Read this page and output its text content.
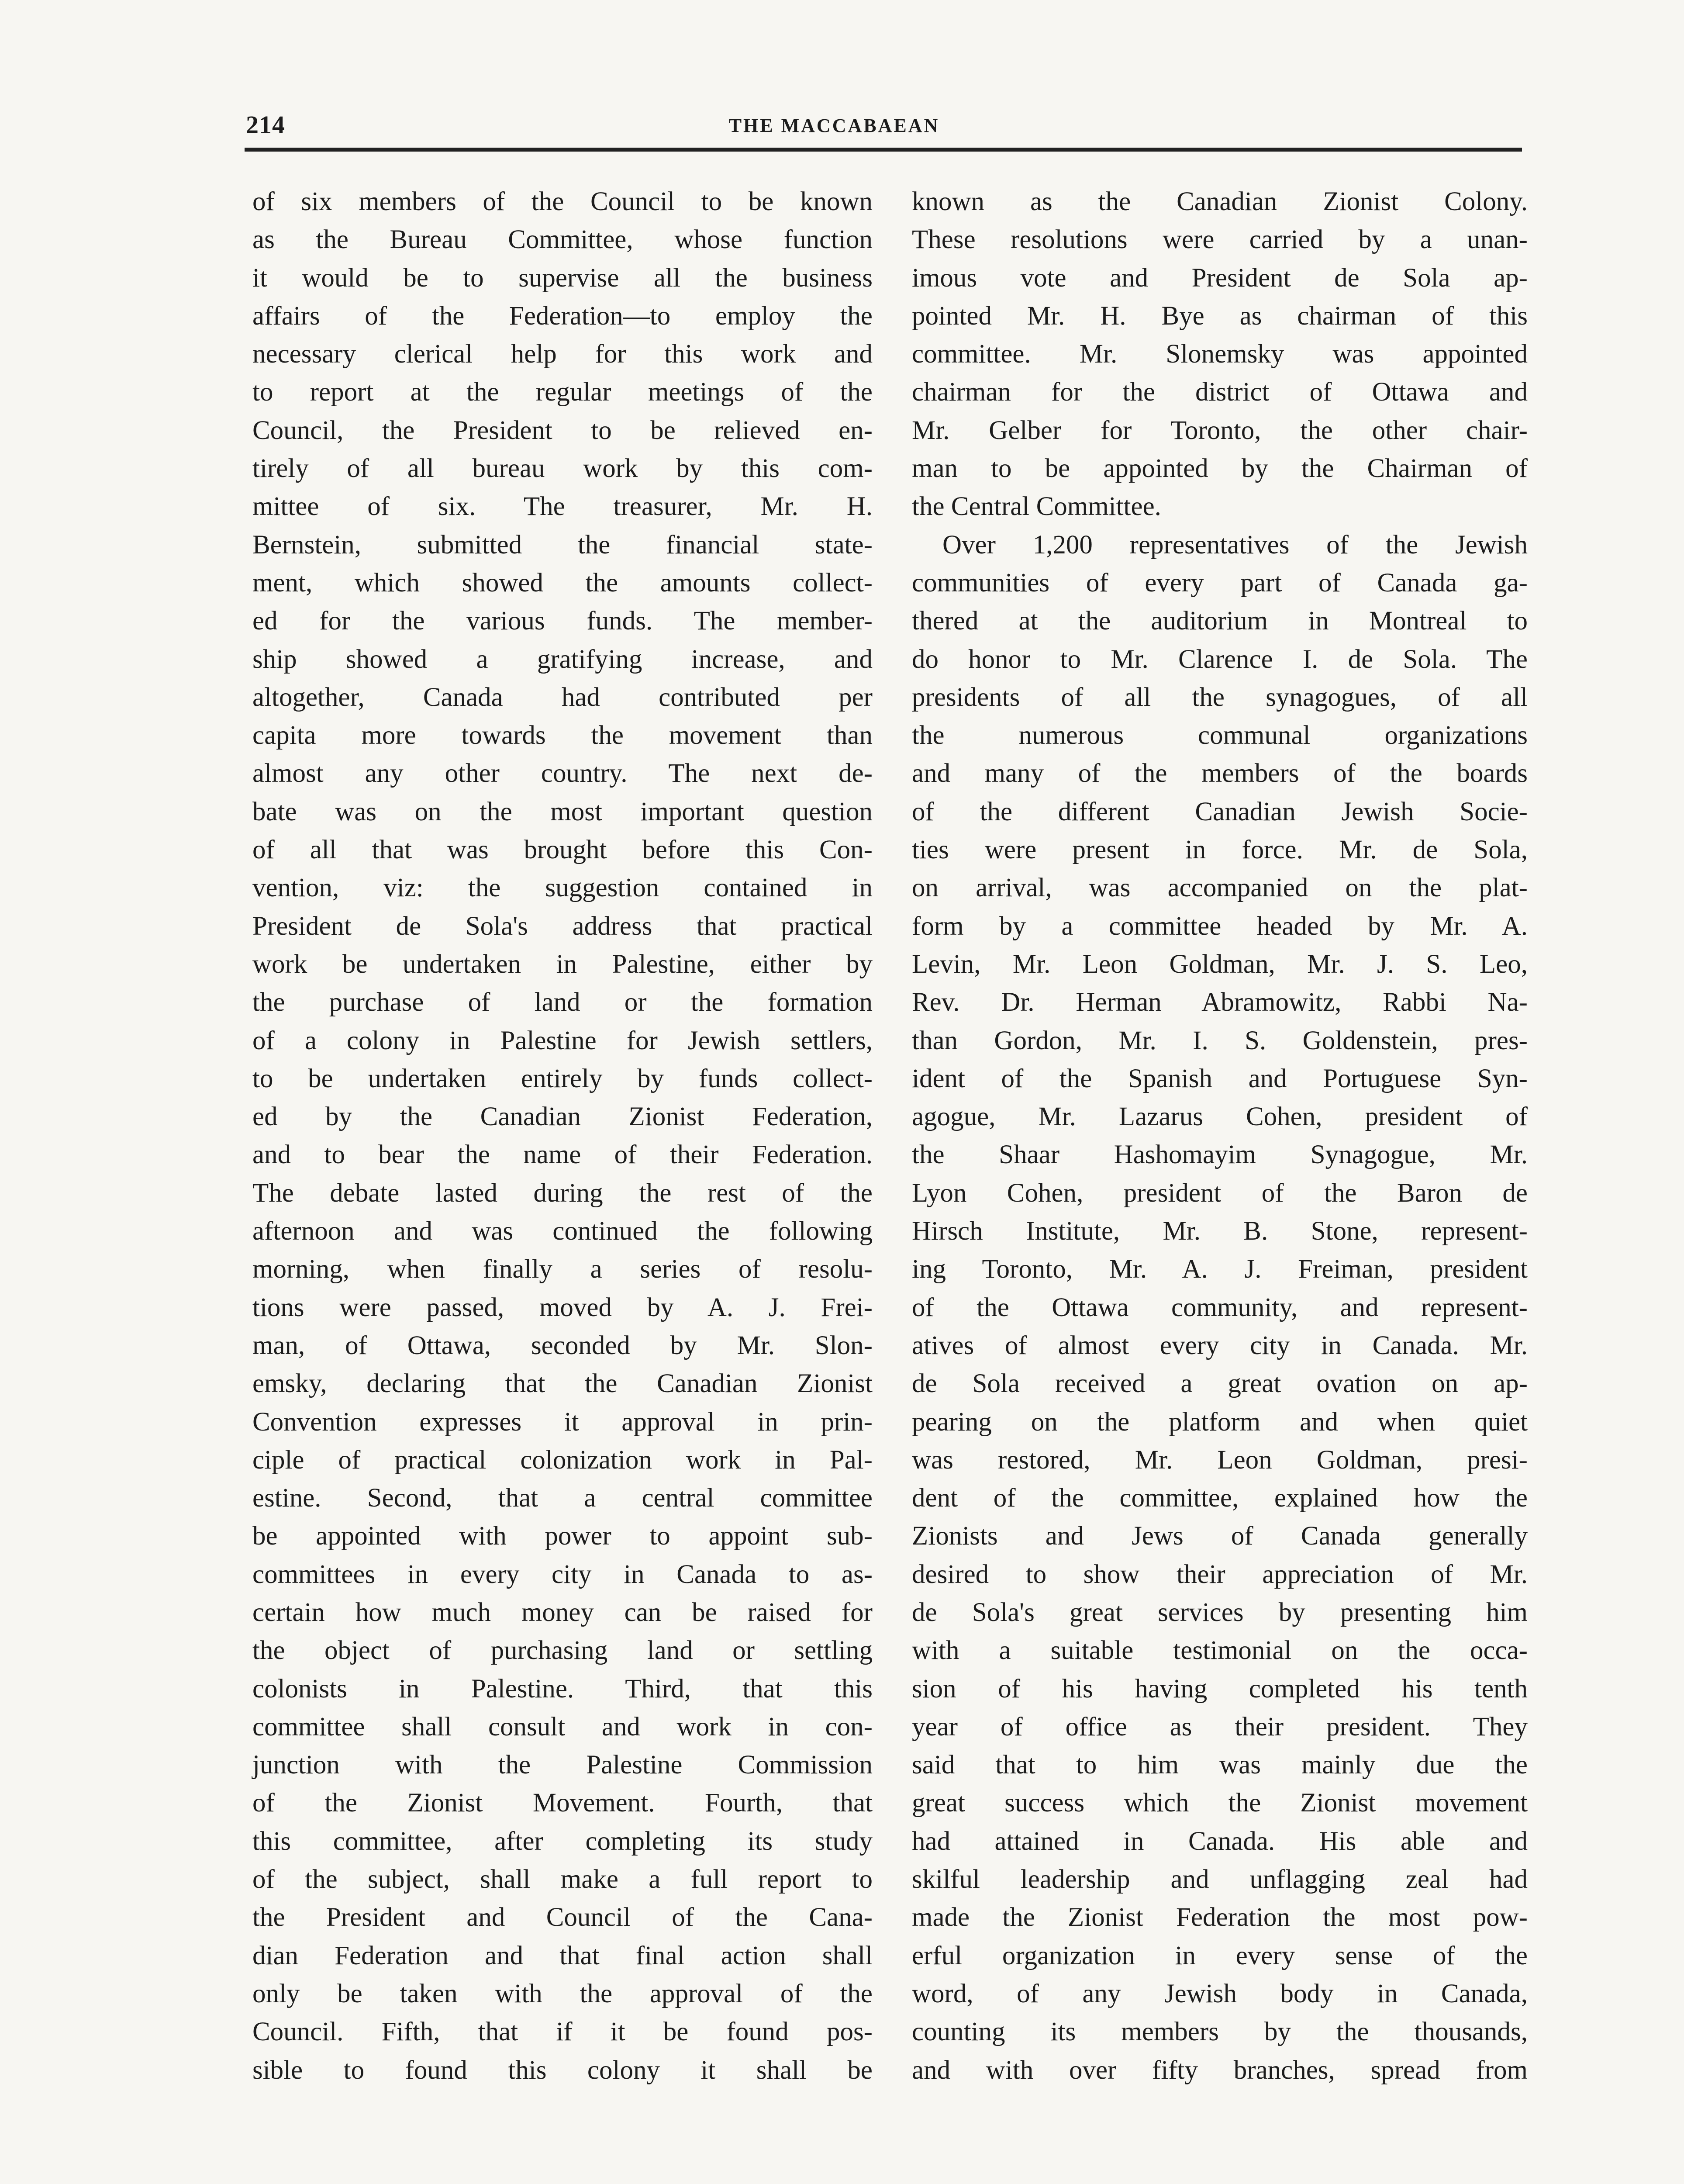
214	THE MACCABAEAN
of six members of the Council to be known
as the Bureau Committee, whose function
it would be to supervise all the business
affairs of the Federation—to employ the
necessary clerical help for this work and
to report at the regular meetings of the
Council, the President to be relieved en-
tirely of all bureau work by this com-
mittee of six. The treasurer, Mr. H.
Bernstein, submitted the financial state-
ment, which showed the amounts collect-
ed for the various funds. The member-
ship showed a gratifying increase, and
altogether, Canada had contributed per
capita more towards the movement than
almost any other country. The next de-
bate was on the most important question
of all that was brought before this Con-
vention, viz: the suggestion contained in
President de Sola's address that practical
work be undertaken in Palestine, either by
the purchase of land or the formation
of a colony in Palestine for Jewish settlers,
to be undertaken entirely by funds collect-
ed by the Canadian Zionist Federation,
and to bear the name of their Federation.
The debate lasted during the rest of the
afternoon and was continued the following
morning, when finally a series of resolu-
tions were passed, moved by A. J. Frei-
man, of Ottawa, seconded by Mr. Slon-
emsky, declaring that the Canadian Zionist
Convention expresses it approval in prin-
ciple of practical colonization work in Pal-
estine. Second, that a central committee
be appointed with power to appoint sub-
committees in every city in Canada to as-
certain how much money can be raised for
the object of purchasing land or settling
colonists in Palestine. Third, that this
committee shall consult and work in con-
junction with the Palestine Commission
of the Zionist Movement. Fourth, that
this committee, after completing its study
of the subject, shall make a full report to
the President and Council of the Cana-
dian Federation and that final action shall
only be taken with the approval of the
Council. Fifth, that if it be found pos-
sible to found this colony it shall be
known as the Canadian Zionist Colony.
These resolutions were carried by a unan-
imous vote and President de Sola ap-
pointed Mr. H. Bye as chairman of this
committee. Mr. Slonemsky was appointed
chairman for the district of Ottawa and
Mr. Gelber for Toronto, the other chair-
man to be appointed by the Chairman of
the Central Committee.
Over 1,200 representatives of the Jewish
communities of every part of Canada ga-
thered at the auditorium in Montreal to
do honor to Mr. Clarence I. de Sola. The
presidents of all the synagogues, of all
the numerous communal organizations
and many of the members of the boards
of the different Canadian Jewish Socie-
ties were present in force. Mr. de Sola,
on arrival, was accompanied on the plat-
form by a committee headed by Mr. A.
Levin, Mr. Leon Goldman, Mr. J. S. Leo,
Rev. Dr. Herman Abramowitz, Rabbi Na-
than Gordon, Mr. I. S. Goldenstein, pres-
ident of the Spanish and Portuguese Syn-
agogue, Mr. Lazarus Cohen, president of
the Shaar Hashomayim Synagogue, Mr.
Lyon Cohen, president of the Baron de
Hirsch Institute, Mr. B. Stone, represent-
ing Toronto, Mr. A. J. Freiman, president
of the Ottawa community, and represent-
atives of almost every city in Canada. Mr.
de Sola received a great ovation on ap-
pearing on the platform and when quiet
was restored, Mr. Leon Goldman, presi-
dent of the committee, explained how the
Zionists and Jews of Canada generally
desired to show their appreciation of Mr.
de Sola's great services by presenting him
with a suitable testimonial on the occa-
sion of his having completed his tenth
year of office as their president. They
said that to him was mainly due the
great success which the Zionist movement
had attained in Canada. His able and
skilful leadership and unflagging zeal had
made the Zionist Federation the most pow-
erful organization in every sense of the
word, of any Jewish body in Canada,
counting its members by the thousands,
and with over fifty branches, spread from
